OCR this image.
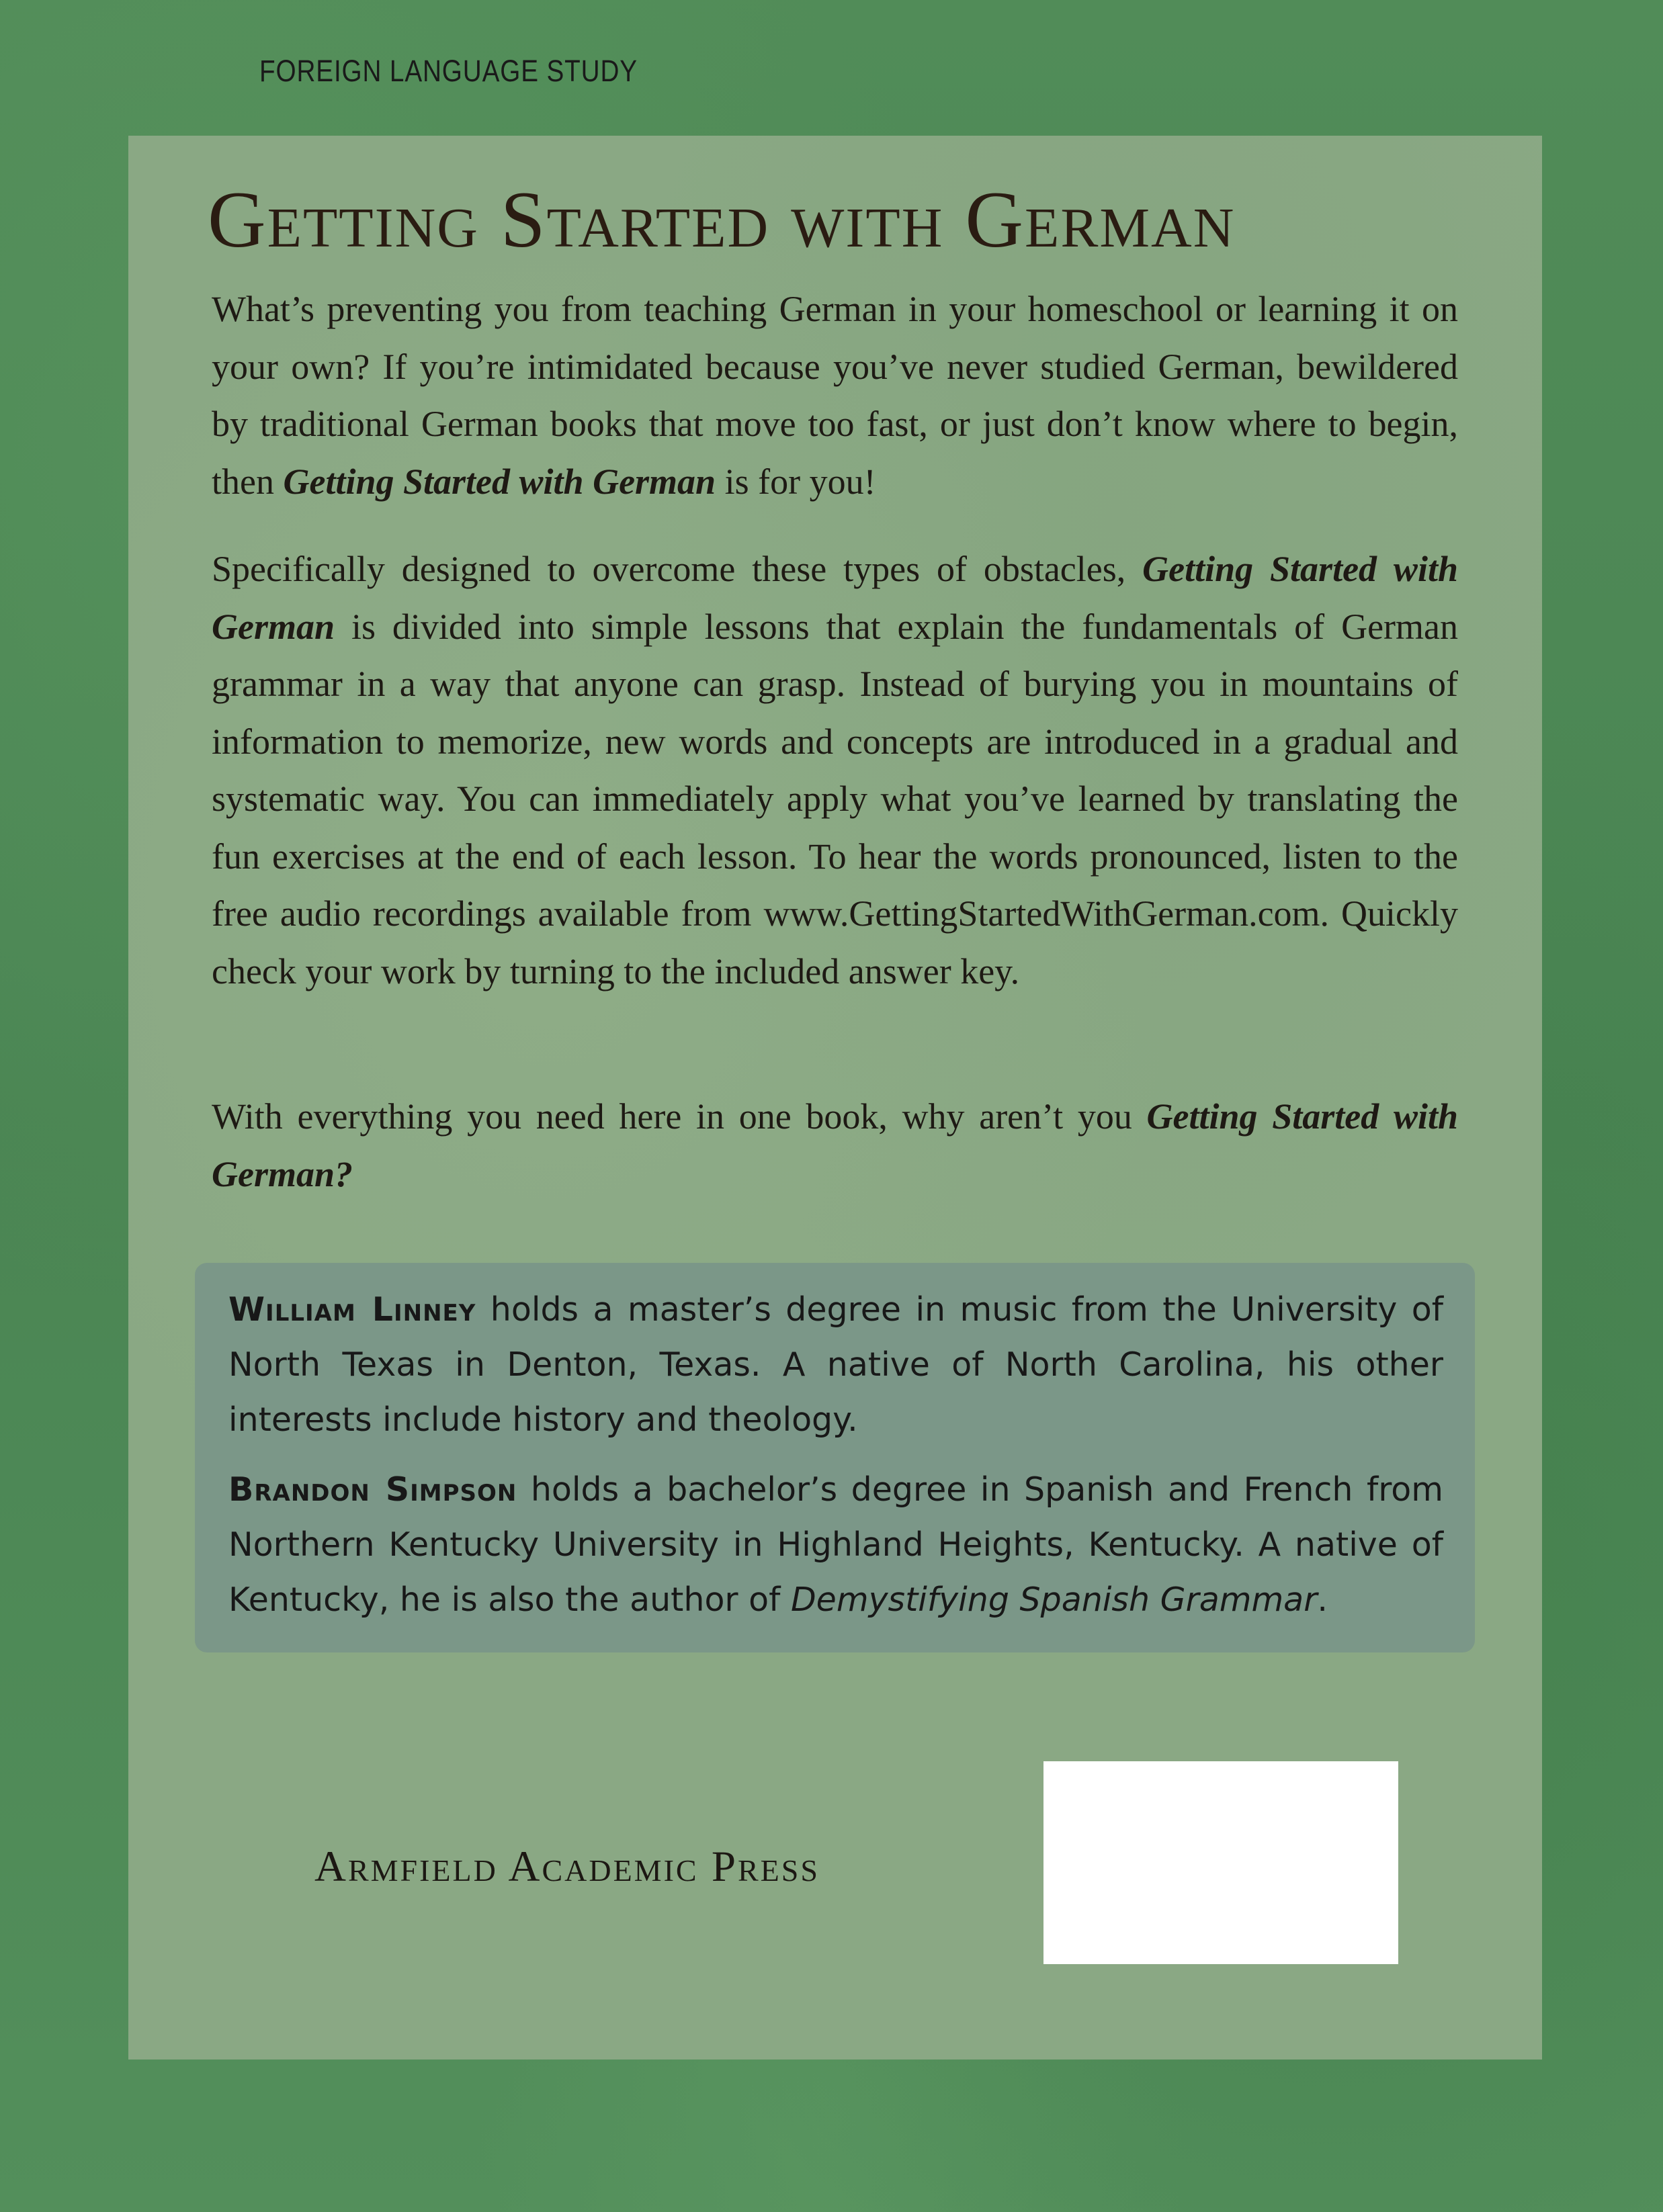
FOREIGN LANGUAGE STUDY
Getting Started with German

What’s preventing you from teaching German in your homeschool or learning it on your own? If you’re intimidated because you’ve never studied German, bewildered by traditional German books that move too fast, or just don’t know where to begin, then Getting Started with German is for you!

Specifically designed to overcome these types of obstacles, Getting Started with German is divided into simple lessons that explain the fundamentals of German grammar in a way that anyone can grasp. Instead of burying you in mountains of information to memorize, new words and concepts are introduced in a gradual and systematic way. You can immediately apply what you’ve learned by translating the fun exercises at the end of each lesson. To hear the words pronounced, listen to the free audio recordings available from www.GettingStartedWithGerman.com. Quickly check your work by turning to the included answer key.

With everything you need here in one book, why aren’t you Getting Started with German?

William Linney holds a master’s degree in music from the University of North Texas in Denton, Texas. A native of North Carolina, his other interests include history and theology.

Brandon Simpson holds a bachelor’s degree in Spanish and French from Northern Kentucky University in Highland Heights, Kentucky. A native of Kentucky, he is also the author of Demystifying Spanish Grammar.

Armfield Academic Press
